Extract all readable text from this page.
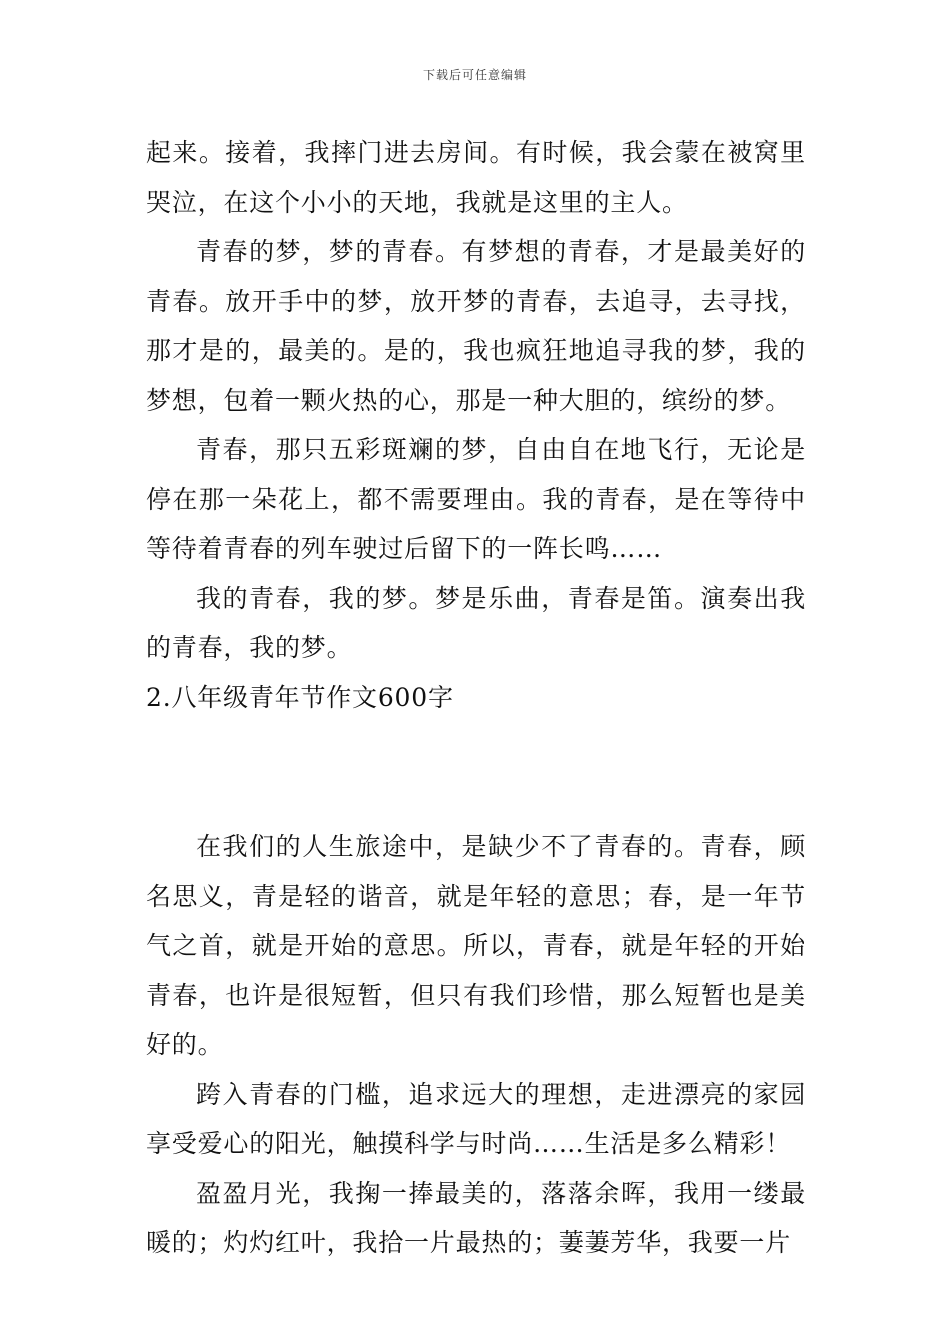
下载后可任意编辑

起来。接着，我摔门进去房间。有时候，我会蒙在被窝里哭泣，在这个小小的天地，我就是这里的主人。

青春的梦，梦的青春。有梦想的青春，才是最美好的青春。放开手中的梦，放开梦的青春，去追寻，去寻找，那才是的，最美的。是的，我也疯狂地追寻我的梦，我的梦想，包着一颗火热的心，那是一种大胆的，缤纷的梦。

青春，那只五彩斑斓的梦，自由自在地飞行，无论是停在那一朵花上，都不需要理由。我的青春，是在等待中等待着青春的列车驶过后留下的一阵长鸣……

我的青春，我的梦。梦是乐曲，青春是笛。演奏出我的青春，我的梦。

2.八年级青年节作文600字

在我们的人生旅途中，是缺少不了青春的。青春，顾名思义，青是轻的谐音，就是年轻的意思；春，是一年节气之首，就是开始的意思。所以，青春，就是年轻的开始青春，也许是很短暂，但只有我们珍惜，那么短暂也是美好的。

跨入青春的门槛，追求远大的理想，走进漂亮的家园享受爱心的阳光，触摸科学与时尚……生活是多么精彩！

盈盈月光，我掬一捧最美的，落落余晖，我用一缕最暖的；灼灼红叶，我拾一片最热的；萋萋芳华，我要一片
